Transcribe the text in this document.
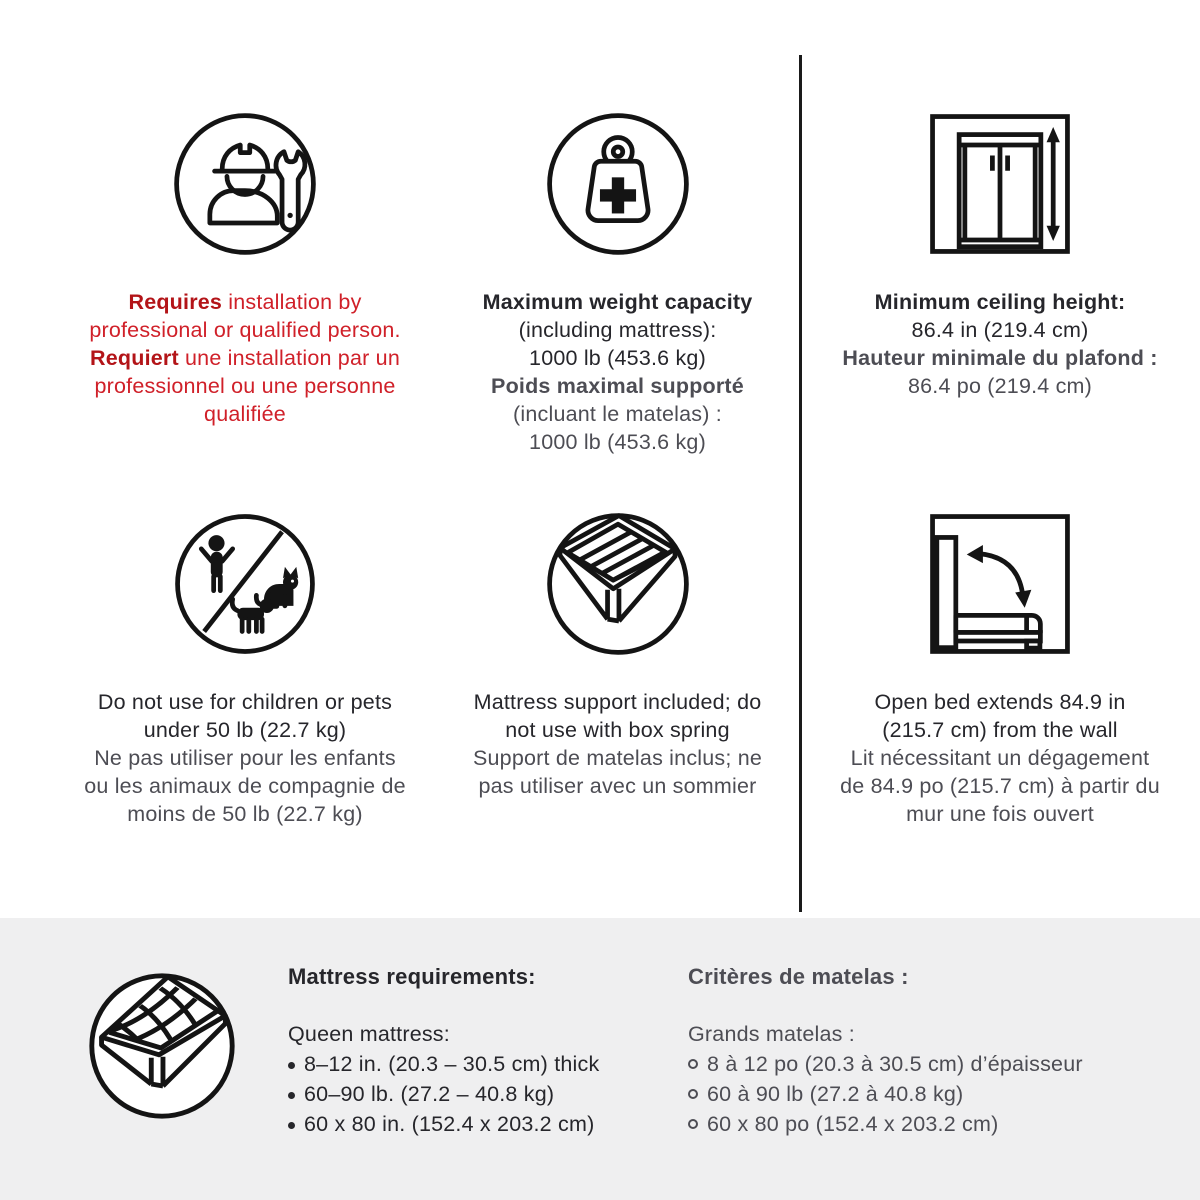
Requires installation by
professional or qualified person.
Requiert une installation par un
professionnel ou une personne
qualifiée
Maximum weight capacity
(including mattress):
1000 lb (453.6 kg)
Poids maximal supporté
(incluant le matelas) :
1000 lb (453.6 kg)
Minimum ceiling height:
86.4 in (219.4 cm)
Hauteur minimale du plafond :
86.4 po (219.4 cm)
Do not use for children or pets
under 50 lb (22.7 kg)
Ne pas utiliser pour les enfants
ou les animaux de compagnie de
moins de 50 lb (22.7 kg)
Mattress support included; do
not use with box spring
Support de matelas inclus; ne
pas utiliser avec un sommier
Open bed extends 84.9 in
(215.7 cm) from the wall
Lit nécessitant un dégagement
de 84.9 po (215.7 cm) à partir du
mur une fois ouvert
Mattress requirements:
Queen mattress:
8–12 in. (20.3 – 30.5 cm) thick
60–90 lb. (27.2 – 40.8 kg)
60 x 80 in. (152.4 x 203.2 cm)
Critères de matelas :
Grands matelas :
8 à 12 po (20.3 à 30.5 cm) d’épaisseur
60 à 90 lb (27.2 à 40.8 kg)
60 x 80 po (152.4 x 203.2 cm)
